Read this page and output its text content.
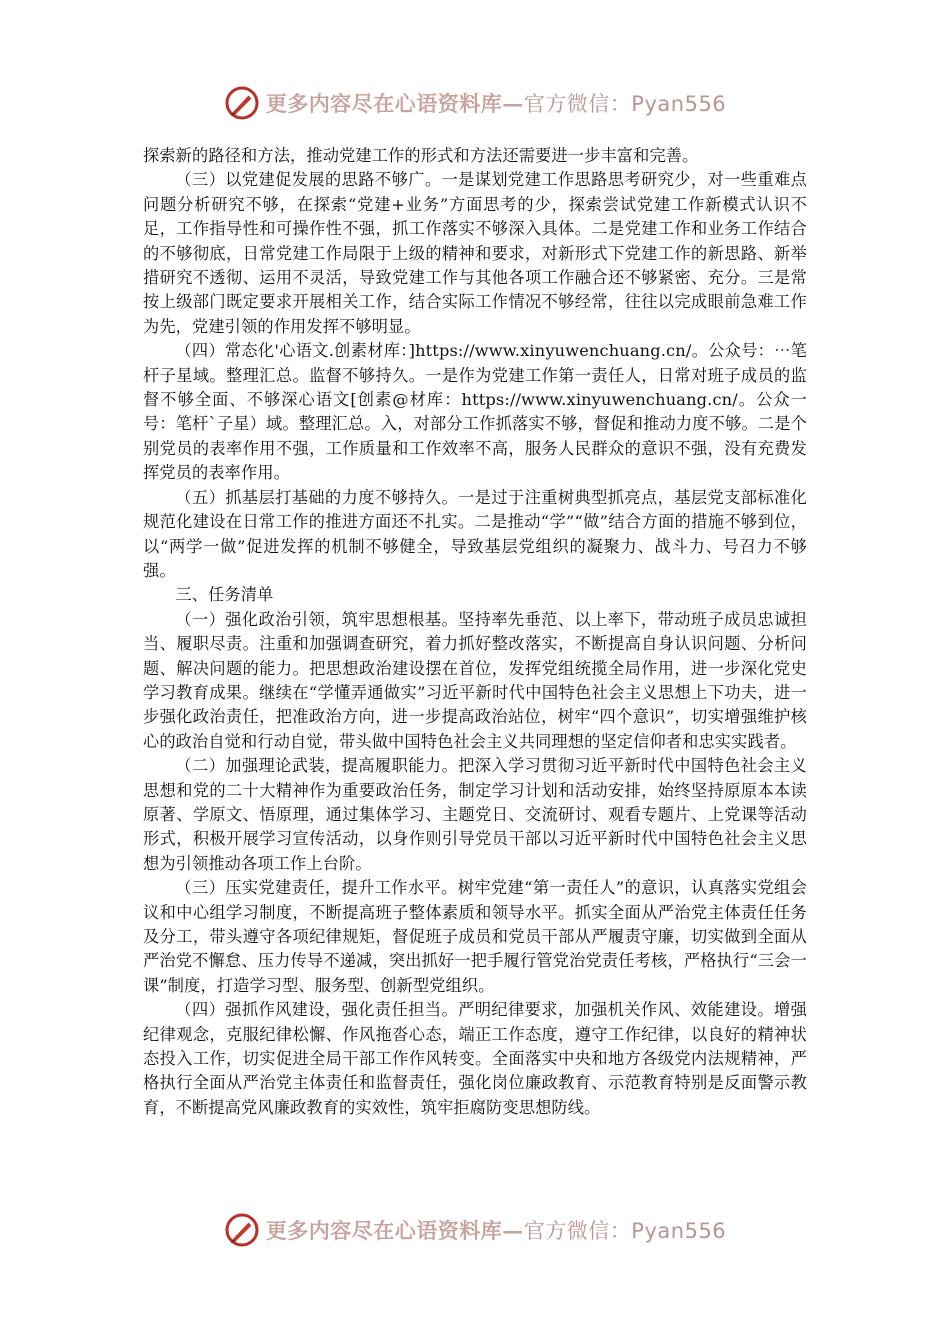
更多内容尽在心语资料库—官方微信：Pyan556

探索新的路径和方法，推动党建工作的形式和方法还需要进一步丰富和完善。

（三）以党建促发展的思路不够广。一是谋划党建工作思路思考研究少，对一些重难点问题分析研究不够，在探索“党建+业务”方面思考的少，探索尝试党建工作新模式认识不足，工作指导性和可操作性不强，抓工作落实不够深入具体。二是党建工作和业务工作结合的不够彻底，日常党建工作局限于上级的精神和要求，对新形式下党建工作的新思路、新举措研究不透彻、运用不灵活，导致党建工作与其他各项工作融合还不够紧密、充分。三是常按上级部门既定要求开展相关工作，结合实际工作情况不够经常，往往以完成眼前急难工作为先，党建引领的作用发挥不够明显。

（四）常态化'心语文.创素材库：]https://www.xinyuwenchuang.cn/。公众号：⋯笔杆子星域。整理汇总。监督不够持久。一是作为党建工作第一责任人，日常对班子成员的监督不够全面、不够深心语文[创素@材库：https://www.xinyuwenchuang.cn/。公众一号：笔杆`子星）域。整理汇总。入，对部分工作抓落实不够，督促和推动力度不够。二是个别党员的表率作用不强，工作质量和工作效率不高，服务人民群众的意识不强，没有充费发挥党员的表率作用。

（五）抓基层打基础的力度不够持久。一是过于注重树典型抓亮点，基层党支部标准化规范化建设在日常工作的推进方面还不扎实。二是推动“学”“做”结合方面的措施不够到位，以“两学一做”促进发挥的机制不够健全，导致基层党组织的凝聚力、战斗力、号召力不够强。

三、任务清单

（一）强化政治引领，筑牢思想根基。坚持率先垂范、以上率下，带动班子成员忠诚担当、履职尽责。注重和加强调查研究，着力抓好整改落实，不断提高自身认识问题、分析问题、解决问题的能力。把思想政治建设摆在首位，发挥党组统揽全局作用，进一步深化党史学习教育成果。继续在“学懂弄通做实”习近平新时代中国特色社会主义思想上下功夫，进一步强化政治责任，把准政治方向，进一步提高政治站位，树牢“四个意识”，切实增强维护核心的政治自觉和行动自觉，带头做中国特色社会主义共同理想的坚定信仰者和忠实实践者。

（二）加强理论武装，提高履职能力。把深入学习贯彻习近平新时代中国特色社会主义思想和党的二十大精神作为重要政治任务，制定学习计划和活动安排，始终坚持原原本本读原著、学原文、悟原理，通过集体学习、主题党日、交流研讨、观看专题片、上党课等活动形式，积极开展学习宣传活动，以身作则引导党员干部以习近平新时代中国特色社会主义思想为引领推动各项工作上台阶。

（三）压实党建责任，提升工作水平。树牢党建“第一责任人”的意识，认真落实党组会议和中心组学习制度，不断提高班子整体素质和领导水平。抓实全面从严治党主体责任任务及分工，带头遵守各项纪律规矩，督促班子成员和党员干部从严履责守廉，切实做到全面从严治党不懈怠、压力传导不递减，突出抓好一把手履行管党治党责任考核，严格执行“三会一课”制度，打造学习型、服务型、创新型党组织。

（四）强抓作风建设，强化责任担当。严明纪律要求，加强机关作风、效能建设。增强纪律观念，克服纪律松懈、作风拖沓心态，端正工作态度，遵守工作纪律，以良好的精神状态投入工作，切实促进全局干部工作作风转变。全面落实中央和地方各级党内法规精神，严格执行全面从严治党主体责任和监督责任，强化岗位廉政教育、示范教育特别是反面警示教育，不断提高党风廉政教育的实效性，筑牢拒腐防变思想防线。

更多内容尽在心语资料库—官方微信：Pyan556
